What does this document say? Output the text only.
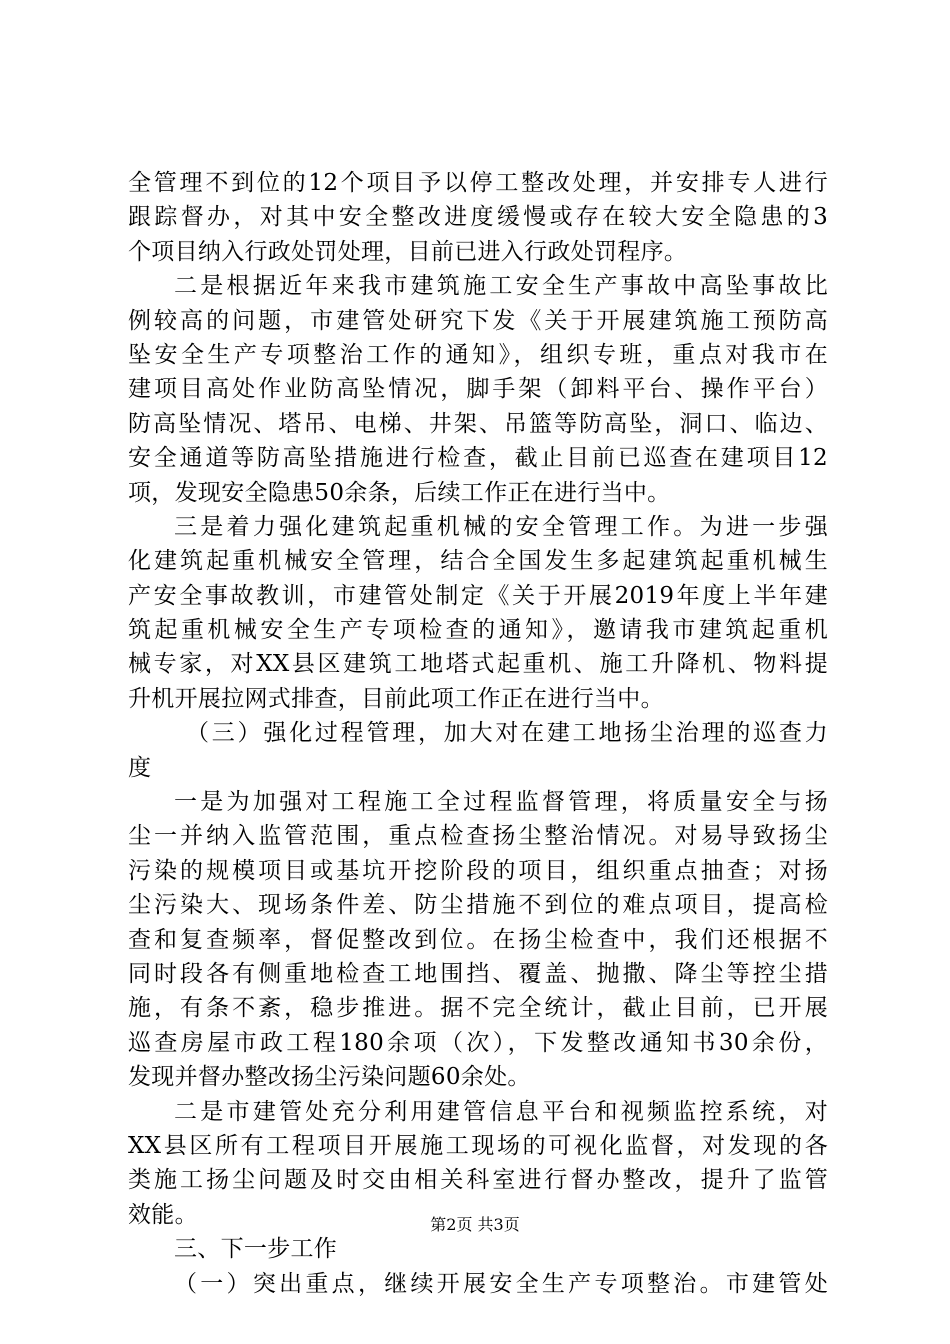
全管理不到位的12个项目予以停工整改处理，并安排专人进行
跟踪督办，对其中安全整改进度缓慢或存在较大安全隐患的3
个项目纳入行政处罚处理，目前已进入行政处罚程序。
二是根据近年来我市建筑施工安全生产事故中高坠事故比
例较高的问题，市建管处研究下发《关于开展建筑施工预防高
坠安全生产专项整治工作的通知》，组织专班，重点对我市在
建项目高处作业防高坠情况，脚手架（卸料平台、操作平台）
防高坠情况、塔吊、电梯、井架、吊篮等防高坠，洞口、临边、
安全通道等防高坠措施进行检查，截止目前已巡查在建项目12
项，发现安全隐患50余条，后续工作正在进行当中。
三是着力强化建筑起重机械的安全管理工作。为进一步强
化建筑起重机械安全管理，结合全国发生多起建筑起重机械生
产安全事故教训，市建管处制定《关于开展2019年度上半年建
筑起重机械安全生产专项检查的通知》，邀请我市建筑起重机
械专家，对XX县区建筑工地塔式起重机、施工升降机、物料提
升机开展拉网式排查，目前此项工作正在进行当中。
（三）强化过程管理，加大对在建工地扬尘治理的巡查力
度
一是为加强对工程施工全过程监督管理，将质量安全与扬
尘一并纳入监管范围，重点检查扬尘整治情况。对易导致扬尘
污染的规模项目或基坑开挖阶段的项目，组织重点抽查；对扬
尘污染大、现场条件差、防尘措施不到位的难点项目，提高检
查和复查频率，督促整改到位。在扬尘检查中，我们还根据不
同时段各有侧重地检查工地围挡、覆盖、抛撒、降尘等控尘措
施，有条不紊，稳步推进。据不完全统计，截止目前，已开展
巡查房屋市政工程180余项（次），下发整改通知书30余份，
发现并督办整改扬尘污染问题60余处。
二是市建管处充分利用建管信息平台和视频监控系统，对
XX县区所有工程项目开展施工现场的可视化监督，对发现的各
类施工扬尘问题及时交由相关科室进行督办整改，提升了监管
效能。
三、下一步工作
（一）突出重点，继续开展安全生产专项整治。市建管处
第2页 共3页
